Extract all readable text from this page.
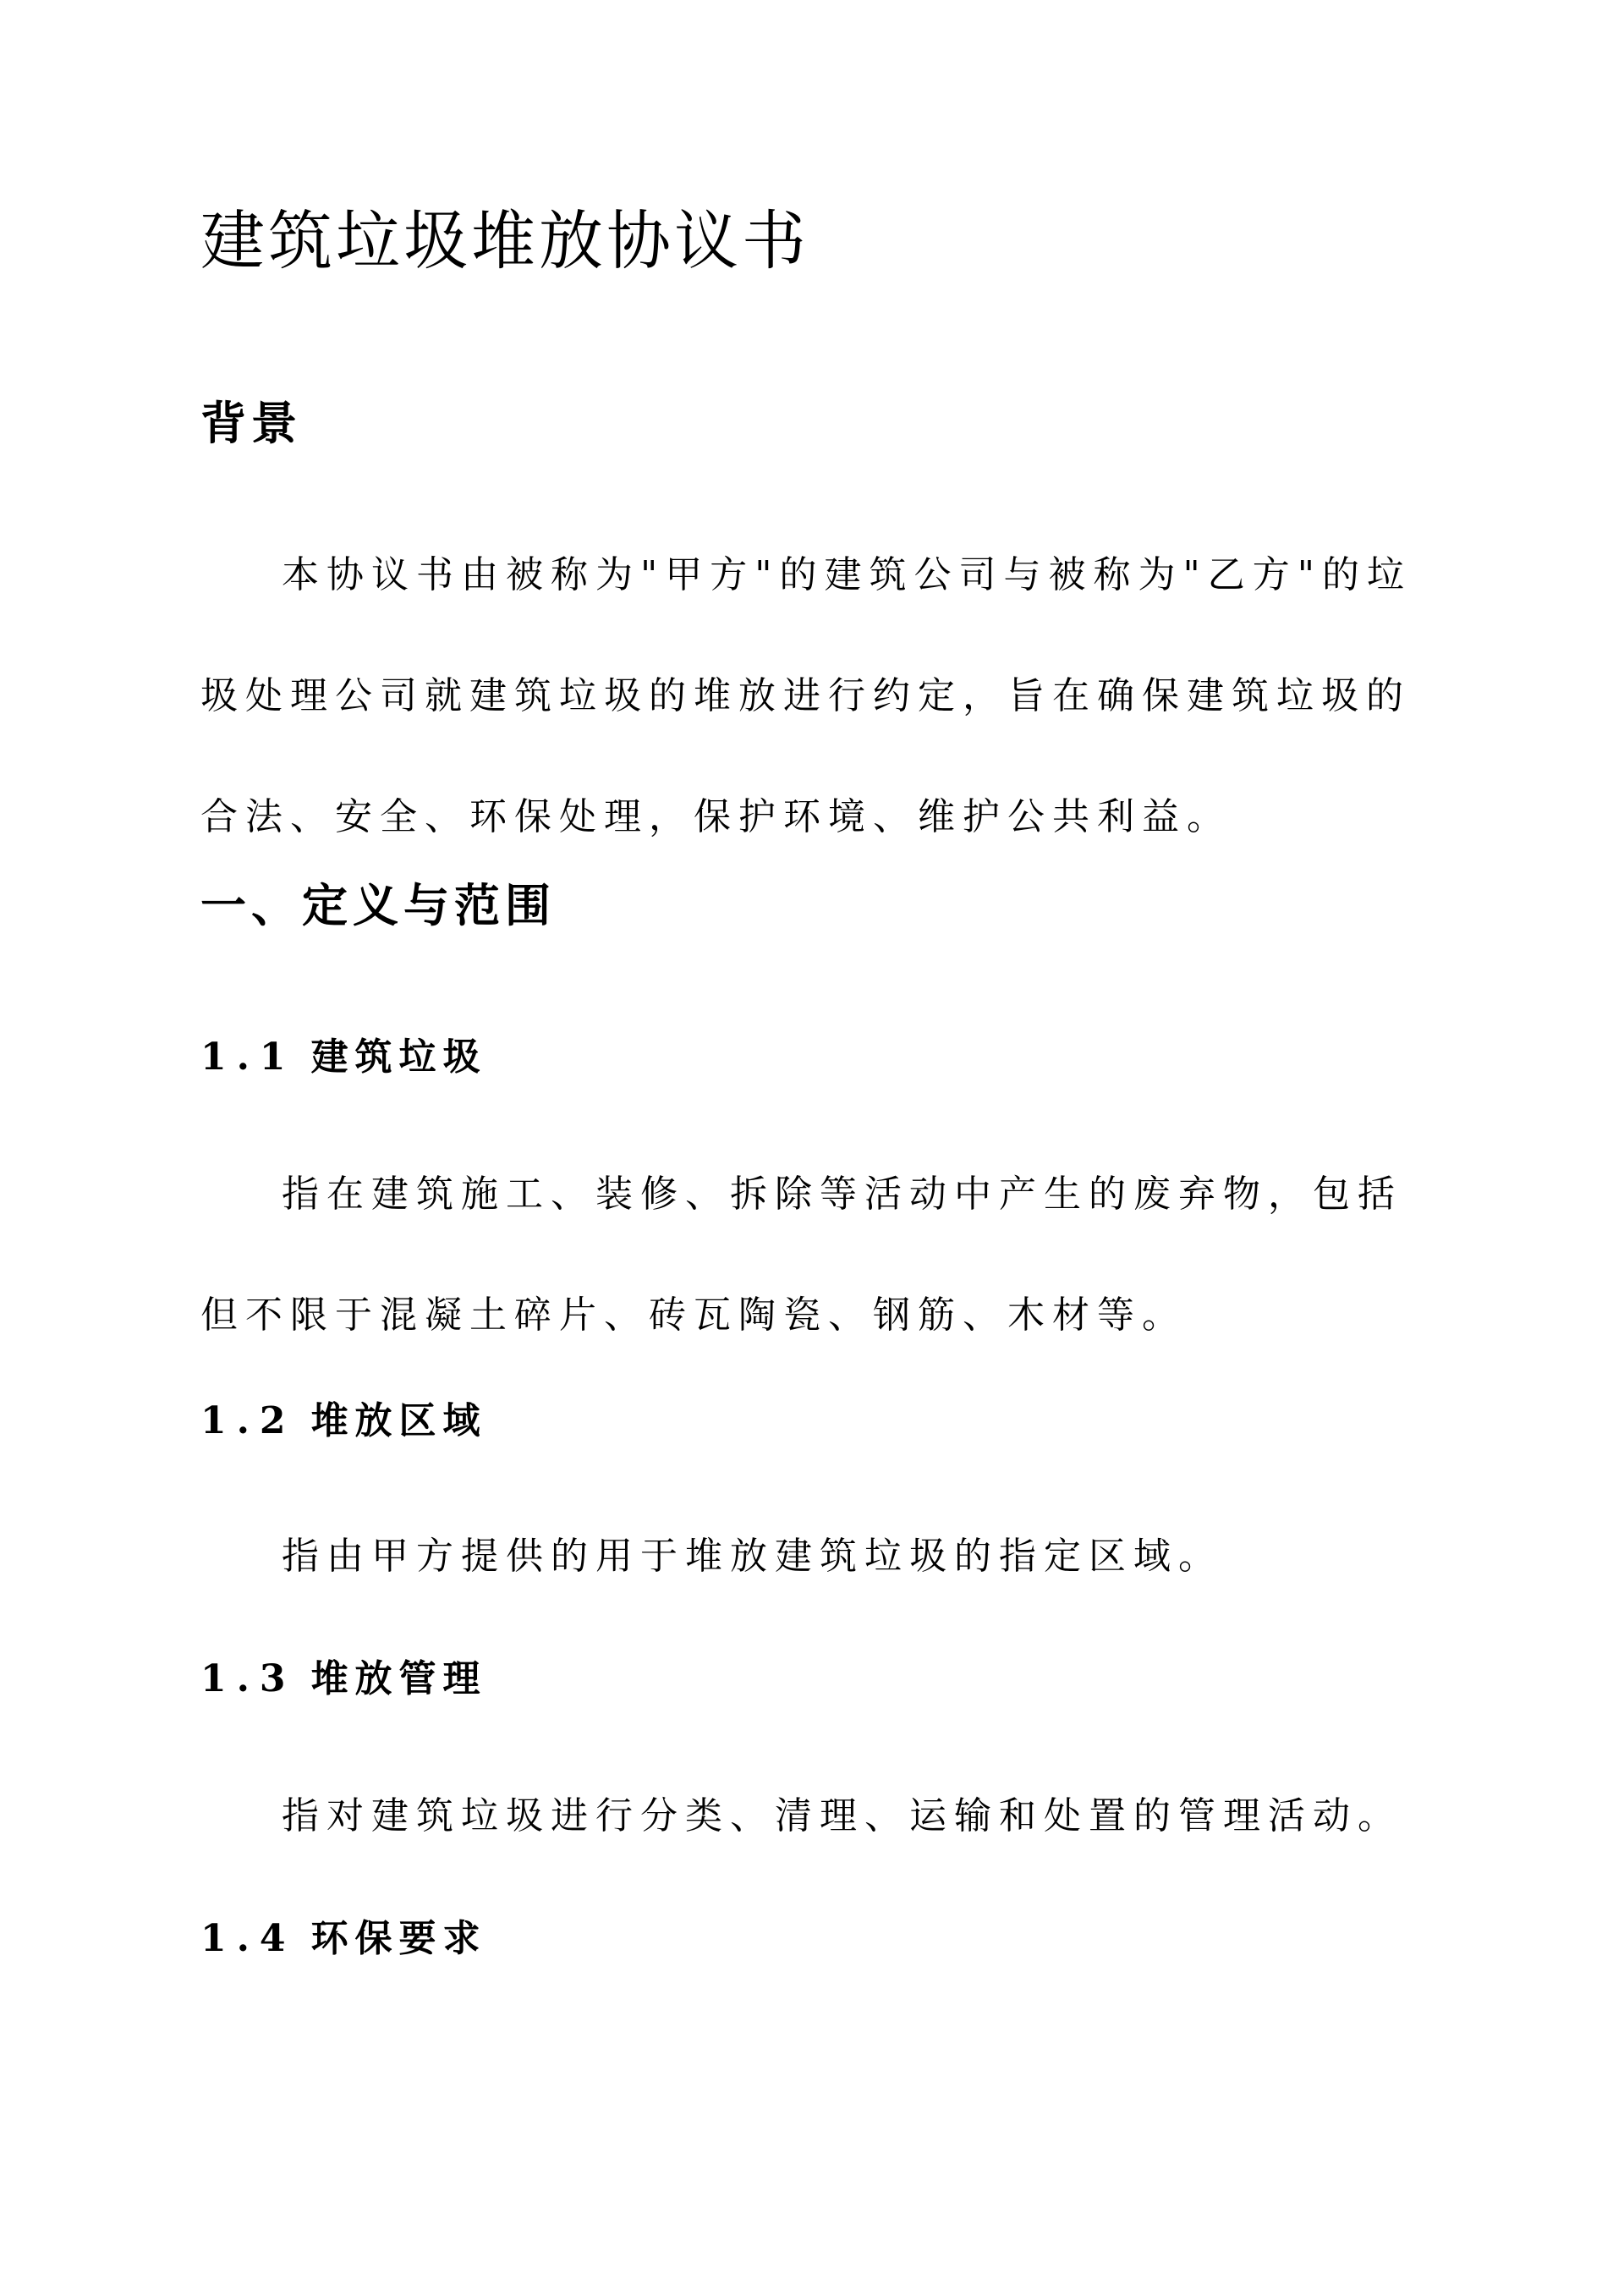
建筑垃圾堆放协议书
背景

本协议书由被称为"甲方"的建筑公司与被称为"乙方"的垃圾处理公司就建筑垃圾的堆放进行约定，旨在确保建筑垃圾的合法、安全、环保处理，保护环境、维护公共利益。

一、定义与范围
1.1 建筑垃圾

指在建筑施工、装修、拆除等活动中产生的废弃物，包括但不限于混凝土碎片、砖瓦陶瓷、钢筋、木材等。

1.2 堆放区域

指由甲方提供的用于堆放建筑垃圾的指定区域。

1.3 堆放管理

指对建筑垃圾进行分类、清理、运输和处置的管理活动。

1.4 环保要求
